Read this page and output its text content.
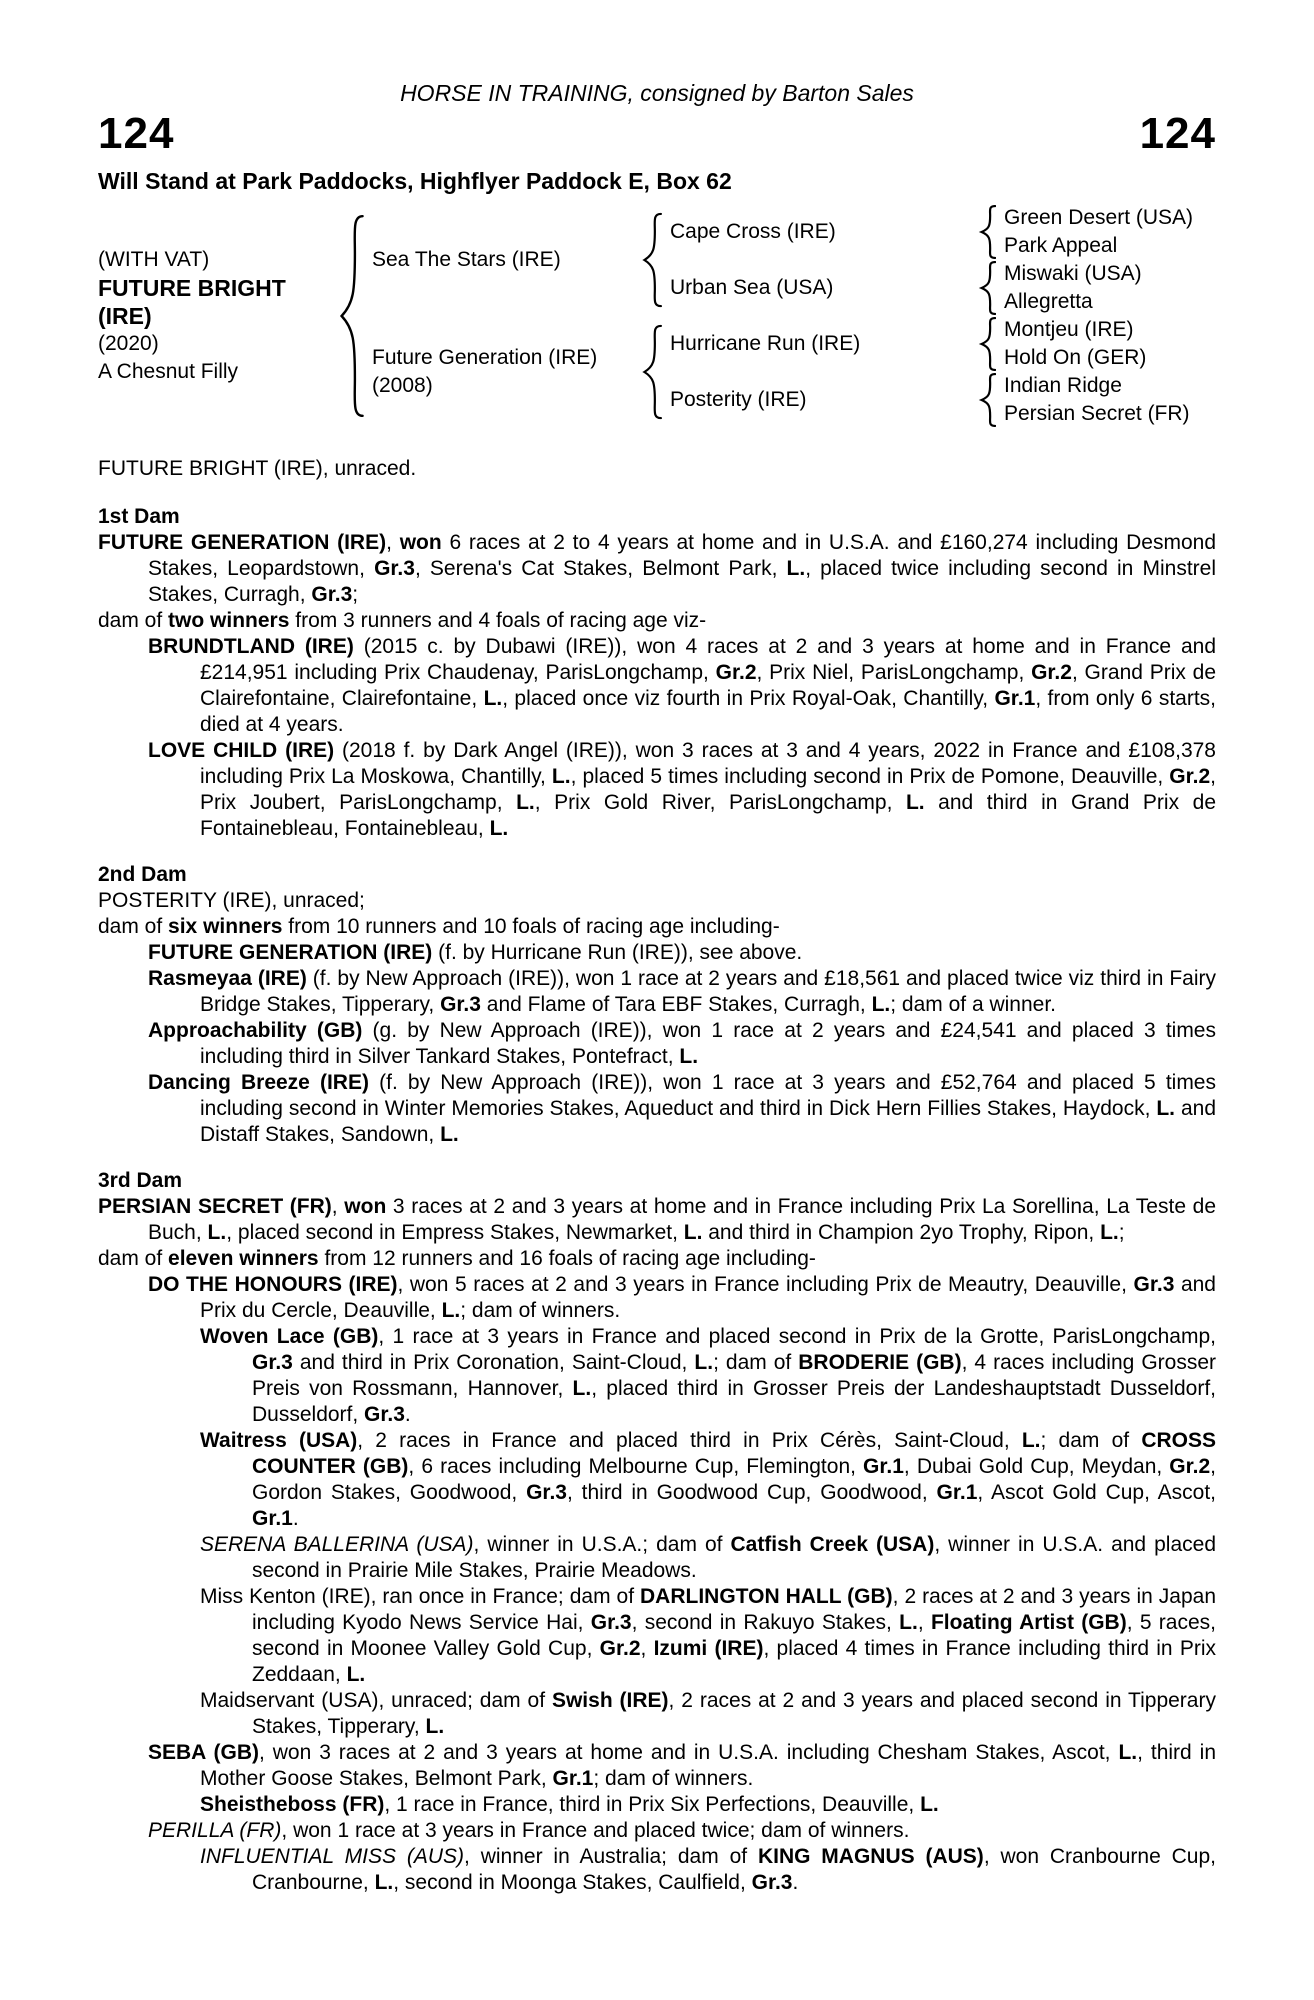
HORSE IN TRAINING, consigned by Barton Sales
124	124
Will Stand at Park Paddocks, Highflyer Paddock E, Box 62
(WITH VAT)
FUTURE BRIGHT
(IRE)
(2020)
A Chesnut Filly
Sea The Stars (IRE)
Cape Cross (IRE)
Green Desert (USA)
Park Appeal
Urban Sea (USA)
Miswaki (USA)
Allegretta
Future Generation (IRE)
(2008)
Hurricane Run (IRE)
Montjeu (IRE)
Hold On (GER)
Posterity (IRE)
Indian Ridge
Persian Secret (FR)
FUTURE BRIGHT (IRE), unraced.
1st Dam

FUTURE GENERATION (IRE), won 6 races at 2 to 4 years at home and in U.S.A. and £160,274 including Desmond Stakes, Leopardstown, Gr.3, Serena's Cat Stakes, Belmont Park, L., placed twice including second in Minstrel Stakes, Curragh, Gr.3;

dam of two winners from 3 runners and 4 foals of racing age viz-

BRUNDTLAND (IRE) (2015 c. by Dubawi (IRE)), won 4 races at 2 and 3 years at home and in France and £214,951 including Prix Chaudenay, ParisLongchamp, Gr.2, Prix Niel, ParisLongchamp, Gr.2, Grand Prix de Clairefontaine, Clairefontaine, L., placed once viz fourth in Prix Royal-Oak, Chantilly, Gr.1, from only 6 starts, died at 4 years.

LOVE CHILD (IRE) (2018 f. by Dark Angel (IRE)), won 3 races at 3 and 4 years, 2022 in France and £108,378 including Prix La Moskowa, Chantilly, L., placed 5 times including second in Prix de Pomone, Deauville, Gr.2, Prix Joubert, ParisLongchamp, L., Prix Gold River, ParisLongchamp, L. and third in Grand Prix de Fontainebleau, Fontainebleau, L.

2nd Dam

POSTERITY (IRE), unraced;

dam of six winners from 10 runners and 10 foals of racing age including-

FUTURE GENERATION (IRE) (f. by Hurricane Run (IRE)), see above.

Rasmeyaa (IRE) (f. by New Approach (IRE)), won 1 race at 2 years and £18,561 and placed twice viz third in Fairy Bridge Stakes, Tipperary, Gr.3 and Flame of Tara EBF Stakes, Curragh, L.; dam of a winner.

Approachability (GB) (g. by New Approach (IRE)), won 1 race at 2 years and £24,541 and placed 3 times including third in Silver Tankard Stakes, Pontefract, L.

Dancing Breeze (IRE) (f. by New Approach (IRE)), won 1 race at 3 years and £52,764 and placed 5 times including second in Winter Memories Stakes, Aqueduct and third in Dick Hern Fillies Stakes, Haydock, L. and Distaff Stakes, Sandown, L.

3rd Dam

PERSIAN SECRET (FR), won 3 races at 2 and 3 years at home and in France including Prix La Sorellina, La Teste de Buch, L., placed second in Empress Stakes, Newmarket, L. and third in Champion 2yo Trophy, Ripon, L.;

dam of eleven winners from 12 runners and 16 foals of racing age including-

DO THE HONOURS (IRE), won 5 races at 2 and 3 years in France including Prix de Meautry, Deauville, Gr.3 and Prix du Cercle, Deauville, L.; dam of winners.

Woven Lace (GB), 1 race at 3 years in France and placed second in Prix de la Grotte, ParisLongchamp, Gr.3 and third in Prix Coronation, Saint-Cloud, L.; dam of BRODERIE (GB), 4 races including Grosser Preis von Rossmann, Hannover, L., placed third in Grosser Preis der Landeshauptstadt Dusseldorf, Dusseldorf, Gr.3.

Waitress (USA), 2 races in France and placed third in Prix Cérès, Saint-Cloud, L.; dam of CROSS COUNTER (GB), 6 races including Melbourne Cup, Flemington, Gr.1, Dubai Gold Cup, Meydan, Gr.2, Gordon Stakes, Goodwood, Gr.3, third in Goodwood Cup, Goodwood, Gr.1, Ascot Gold Cup, Ascot, Gr.1.

SERENA BALLERINA (USA), winner in U.S.A.; dam of Catfish Creek (USA), winner in U.S.A. and placed second in Prairie Mile Stakes, Prairie Meadows.

Miss Kenton (IRE), ran once in France; dam of DARLINGTON HALL (GB), 2 races at 2 and 3 years in Japan including Kyodo News Service Hai, Gr.3, second in Rakuyo Stakes, L., Floating Artist (GB), 5 races, second in Moonee Valley Gold Cup, Gr.2, Izumi (IRE), placed 4 times in France including third in Prix Zeddaan, L.

Maidservant (USA), unraced; dam of Swish (IRE), 2 races at 2 and 3 years and placed second in Tipperary Stakes, Tipperary, L.

SEBA (GB), won 3 races at 2 and 3 years at home and in U.S.A. including Chesham Stakes, Ascot, L., third in Mother Goose Stakes, Belmont Park, Gr.1; dam of winners.

Sheistheboss (FR), 1 race in France, third in Prix Six Perfections, Deauville, L.

PERILLA (FR), won 1 race at 3 years in France and placed twice; dam of winners.

INFLUENTIAL MISS (AUS), winner in Australia; dam of KING MAGNUS (AUS), won Cranbourne Cup, Cranbourne, L., second in Moonga Stakes, Caulfield, Gr.3.
